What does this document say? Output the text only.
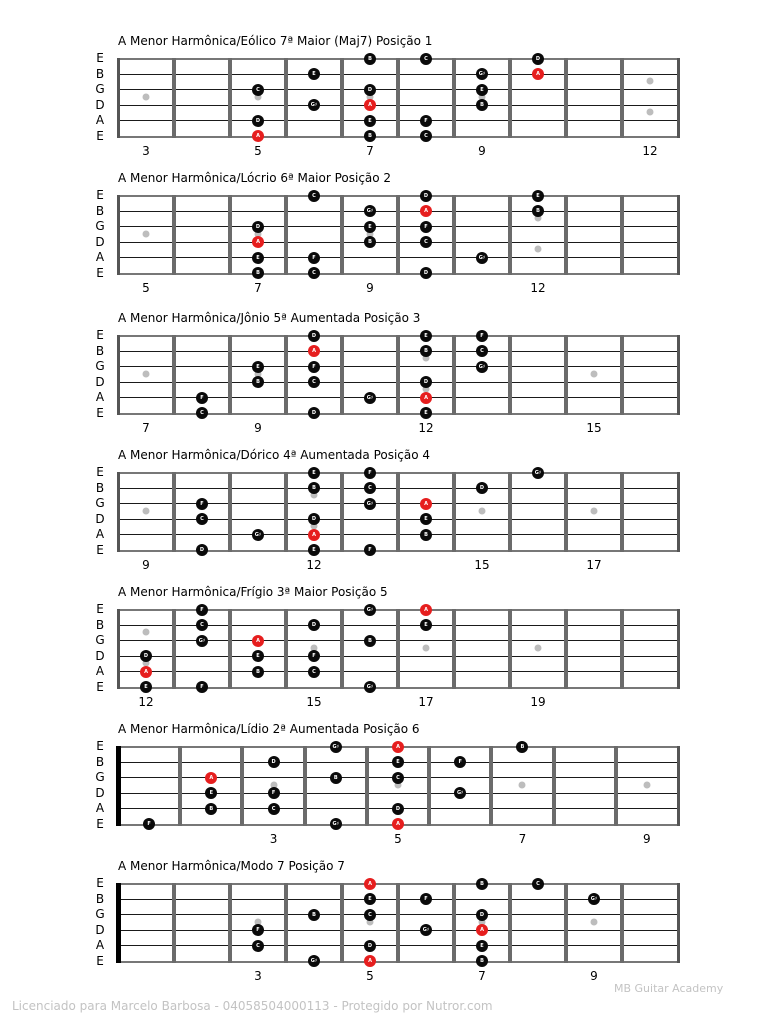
A Menor Harmônica/Eólico 7ª Maior (Maj7) Posição 1
E
B
G
D
A
E
B	C	D
E	G♯	A
C	D	E
G♯	A	B
D	E	F
A	B	C
3	5	7	9	12
A Menor Harmônica/Lócrio 6ª Maior Posição 2
E
B
G
D
A
E
C	D	E
G♯	A	B
D	E	F
A	B	C
E	F	G♯
B	C	D
5	7	9	12
A Menor Harmônica/Jônio 5ª Aumentada Posição 3
E
B
G
D
A
E
D	E	F
A	B	C
E	F	G♯
B	C	D
F	G♯	A
C	D	E
7	9	12	15
A Menor Harmônica/Dórico 4ª Aumentada Posição 4
E
B
G
D
A
E
E	F	G♯
B	C	D
F	G♯	A
C	D	E
G♯	A	B
D	E	F
9	12	15	17
A Menor Harmônica/Frígio 3ª Maior Posição 5
E
B
G
D
A
E
F	G♯	A
C	D	E
G♯	A	B
D	E	F
A	B	C
E	F	G♯
12	15	17	19
A Menor Harmônica/Lídio 2ª Aumentada Posição 6
E
B
G
D
A
E
G♯	A	B
D	E	F
A	B	C
E	F	G♯
B	C	D
F	G♯	A
3	5	7	9
A Menor Harmônica/Modo 7 Posição 7
E
B
G
D
A
E
A	B	C
E	F	G♯
B	C	D
F	G♯	A
C	D	E
G♯	A	B
3	5	7	9
MB Guitar Academy
Licenciado para Marcelo Barbosa - 04058504000113 - Protegido por Nutror.com
